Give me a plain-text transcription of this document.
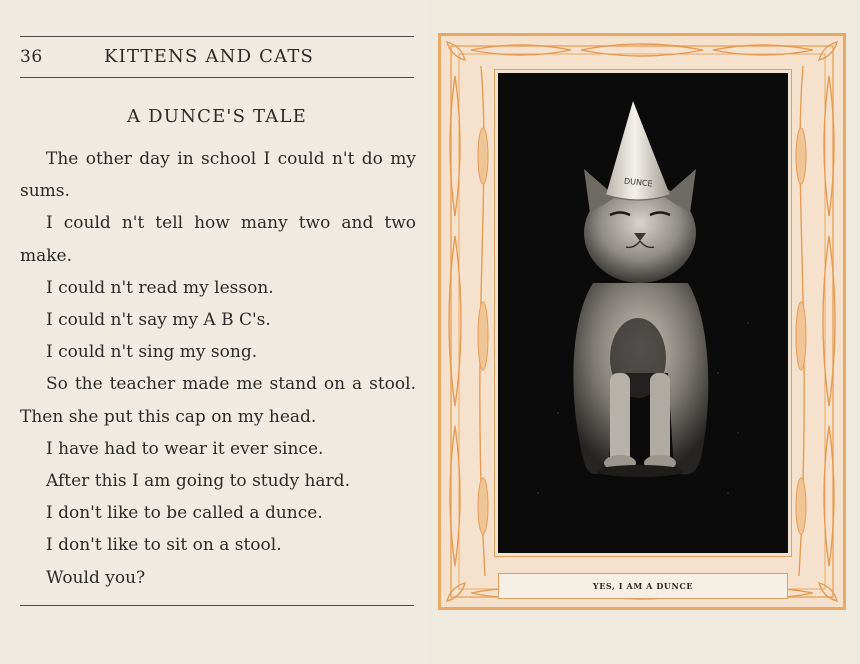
36	KITTENS AND CATS
A DUNCE'S TALE

The other day in school I could n't do my sums.

I could n't tell how many two and two make.

I could n't read my lesson.

I could n't say my A B C's.

I could n't sing my song.

So the teacher made me stand on a stool. Then she put this cap on my head.

I have had to wear it ever since.

After this I am going to study hard.

I don't like to be called a dunce.

I don't like to sit on a stool.

Would you?

DUNCE
YES, I AM A DUNCE
